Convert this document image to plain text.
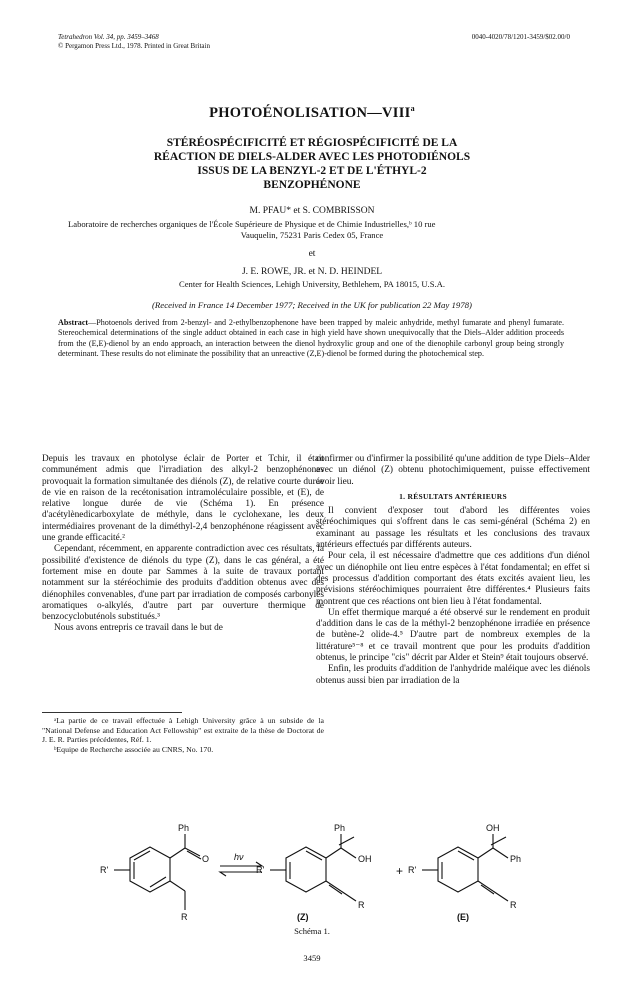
Tetrahedron Vol. 34, pp. 3459–3468
© Pergamon Press Ltd., 1978. Printed in Great Britain
0040-4020/78/1201-3459/$02.00/0
PHOTOÉNOLISATION—VIII$^a$
STÉRÉOSPÉCIFICITÉ ET RÉGIOSPÉCIFICITÉ DE LA
RÉACTION DE DIELS-ALDER AVEC LES PHOTODIÉNOLS
ISSUS DE LA BENZYL-2 ET DE L'ÉTHYL-2
BENZOPHÉNONE
M. PFAU* et S. COMBRISSON
Laboratoire de recherches organiques de l'École Supérieure de Physique et de Chimie Industrielles,ᵇ 10 rue
Vauquelin, 75231 Paris Cedex 05, France
et
J. E. ROWE, JR. et N. D. HEINDEL
Center for Health Sciences, Lehigh University, Bethlehem, PA 18015, U.S.A.
(Received in France 14 December 1977; Received in the UK for publication 22 May 1978)
Abstract—Photoenols derived from 2-benzyl- and 2-ethylbenzophenone have been trapped by maleic anhydride, methyl fumarate and phenyl fumarate. Stereochemical determinations of the single adduct obtained in each case in high yield have shown unequivocally that the Diels–Alder addition proceeds from the (E,E)-dienol by an endo approach, an interaction between the dienol hydroxylic group and one of the dienophile carbonyl group being strongly determinant. These results do not eliminate the possibility that an unreactive (Z,E)-dienol be formed during the photochemical step.

Depuis les travaux en photolyse éclair de Porter et Tchir, il était communément admis que l'irradiation des alkyl-2 benzophénones provoquait la formation simultanée des diénols (Z), de relative courte durée de vie en raison de la recétonisation intramoléculaire possible, et (E), de relative longue durée de vie (Schéma 1). En présence d'acétylènedicarboxylate de méthyle, dans le cyclohexane, les deux intermédiaires provenant de la diméthyl-2,4 benzophénone réagissent avec une grande efficacité.²

Cependant, récemment, en apparente contradiction avec ces résultats, la possibilité d'existence de diénols du type (Z), dans le cas général, a été fortement mise en doute par Sammes à la suite de travaux portant notamment sur la stéréochimie des produits d'addition obtenus avec des diénophiles convenables, d'une part par irradiation de composés carbonylés aromatiques o-alkylés, d'autre part par ouverture thermique de benzocyclobuténols substitués.³

Nous avons entrepris ce travail dans le but de

ᵃLa partie de ce travail effectuée à Lehigh University grâce à un subside de la "National Defense and Education Act Fellowship" est extraite de la thèse de Doctorat de J. E. R. Parties précédentes, Réf. 1.
ᵇEquipe de Recherche associée au CNRS, No. 170.

confirmer ou d'infirmer la possibilité qu'une addition de type Diels–Alder avec un diénol (Z) obtenu photochimiquement, puisse effectivement avoir lieu.

1. RÉSULTATS ANTÉRIEURS

Il convient d'exposer tout d'abord les différentes voies stéréochimiques qui s'offrent dans le cas semi-général (Schéma 2) en examinant au passage les résultats et les conclusions des travaux antérieurs effectués par différents auteurs.

Pour cela, il est nécessaire d'admettre que ces additions d'un diénol avec un diénophile ont lieu entre espèces à l'état fondamental; en effet si des processus d'addition comportant des états excités avaient lieu, les prévisions stéréochimiques pourraient être différentes.⁴ Plusieurs faits montrent que ces réactions ont bien lieu à l'état fondamental.

Un effet thermique marqué a été observé sur le rendement en produit d'addition dans le cas de la méthyl-2 benzophénone irradiée en présence de butène-2 olide-4.⁵ D'autre part de nombreux exemples de la littérature⁵⁻⁸ et ce travail montrent que pour les produits d'addition obtenus, le principe "cis" décrit par Alder et Stein⁹ était toujours observé.

Enfin, les produits d'addition de l'anhydride maléique avec les diénols obtenus aussi bien par irradiation de la

Ph
O
R
R'
hν
Ph
OH
R
R'	+
OH
Ph
R
R'
(Z)	(E)
Schéma 1.
3459
